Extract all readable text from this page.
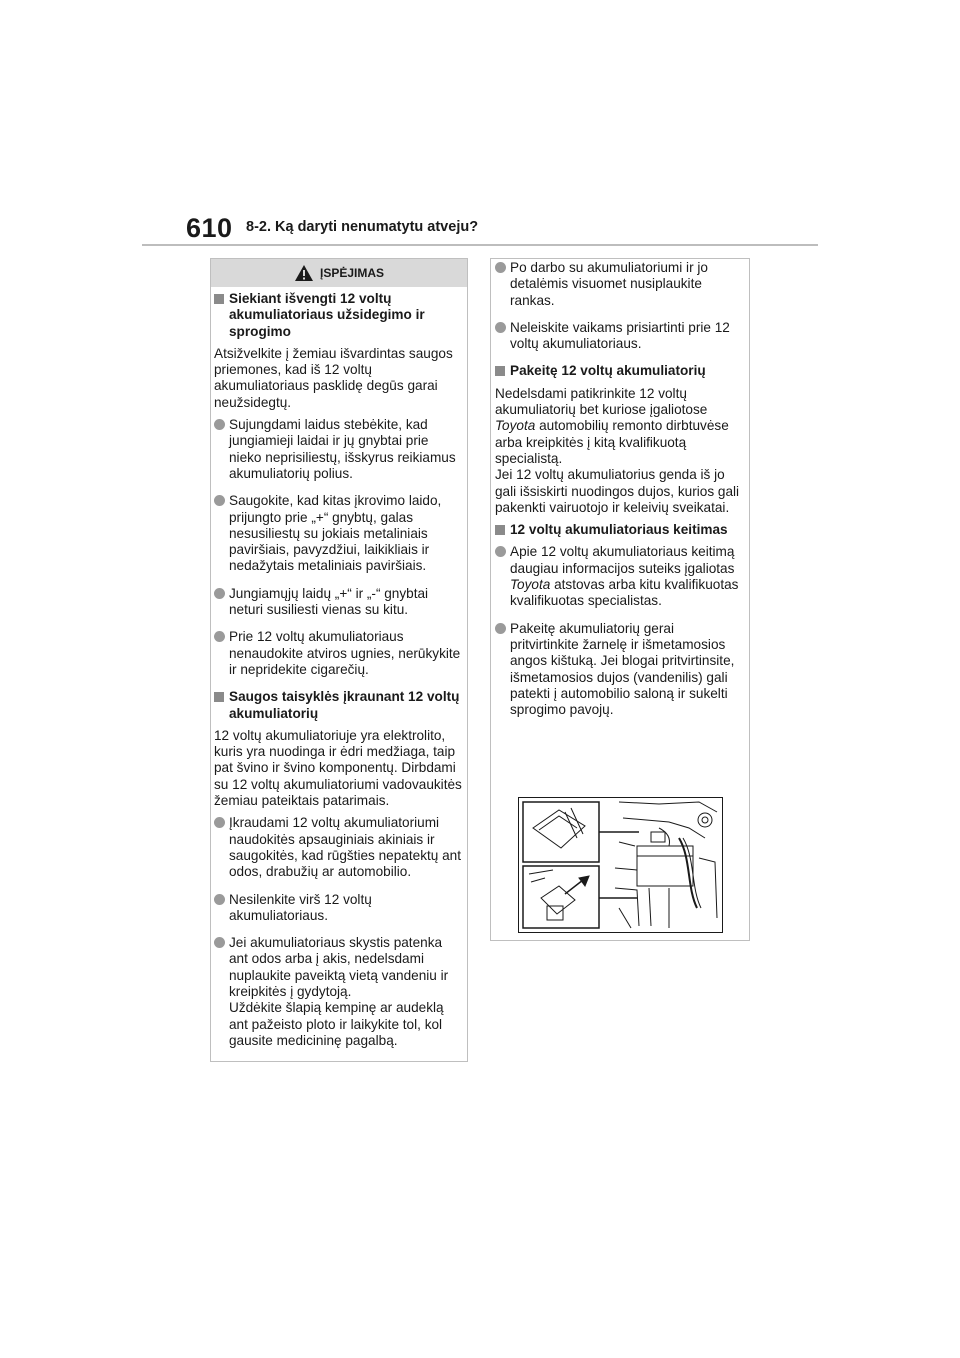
610 8-2. Ką daryti nenumatytu atveju?
ĮSPĖJIMAS
Siekiant išvengti 12 voltų akumuliatoriaus užsidegimo ir sprogimo
Atsižvelkite į žemiau išvardintas saugos priemones, kad iš 12 voltų akumuliatoriaus pasklidę degūs garai neužsidegtų.
Sujungdami laidus stebėkite, kad jungiamieji laidai ir jų gnybtai prie nieko neprisiliestų, išskyrus reikiamus akumuliatorių polius.
Saugokite, kad kitas įkrovimo laido, prijungto prie „+“ gnybtų, galas nesusiliestų su jokiais metaliniais paviršiais, pavyzdžiui, laikikliais ir nedažytais metaliniais paviršiais.
Jungiamųjų laidų „+“ ir „-“ gnybtai neturi susiliesti vienas su kitu.
Prie 12 voltų akumuliatoriaus nenaudokite atviros ugnies, nerūkykite ir nepridekite cigarečių.
Saugos taisyklės įkraunant 12 voltų akumuliatorių
12 voltų akumuliatoriuje yra elektrolito, kuris yra nuodinga ir ėdri medžiaga, taip pat švino ir švino komponentų. Dirbdami su 12 voltų akumuliatoriumi vadovaukitės žemiau pateiktais patarimais.
Įkraudami 12 voltų akumuliatoriumi naudokitės apsauginiais akiniais ir saugokitės, kad rūgšties nepatektų ant odos, drabužių ar automobilio.
Nesilenkite virš 12 voltų akumuliatoriaus.
Jei akumuliatoriaus skystis patenka ant odos arba į akis, nedelsdami nuplaukite paveiktą vietą vandeniu ir kreipkitės į gydytoją.
Uždėkite šlapią kempinę ar audeklą ant pažeisto ploto ir laikykite tol, kol gausite medicininę pagalbą.
Po darbo su akumuliatoriumi ir jo detalėmis visuomet nusiplaukite rankas.
Neleiskite vaikams prisiartinti prie 12 voltų akumuliatoriaus.
Pakeitę 12 voltų akumuliatorių
Nedelsdami patikrinkite 12 voltų akumuliatorių bet kuriose įgaliotose Toyota automobilių remonto dirbtuvėse arba kreipkitės į kitą kvalifikuotą specialistą.
Jei 12 voltų akumuliatorius genda iš jo gali išsiskirti nuodingos dujos, kurios gali pakenkti vairuotojo ir keleivių sveikatai.
12 voltų akumuliatoriaus keitimas
Apie 12 voltų akumuliatoriaus keitimą daugiau informacijos suteiks įgaliotas Toyota atstovas arba kitu kvalifikuotas kvalifikuotas specialistas.
Pakeitę akumuliatorių gerai pritvirtinkite žarnelę ir išmetamosios angos kištuką. Jei blogai pritvirtinsite, išmetamosios dujos (vandenilis) gali patekti į automobilio saloną ir sukelti sprogimo pavojų.
